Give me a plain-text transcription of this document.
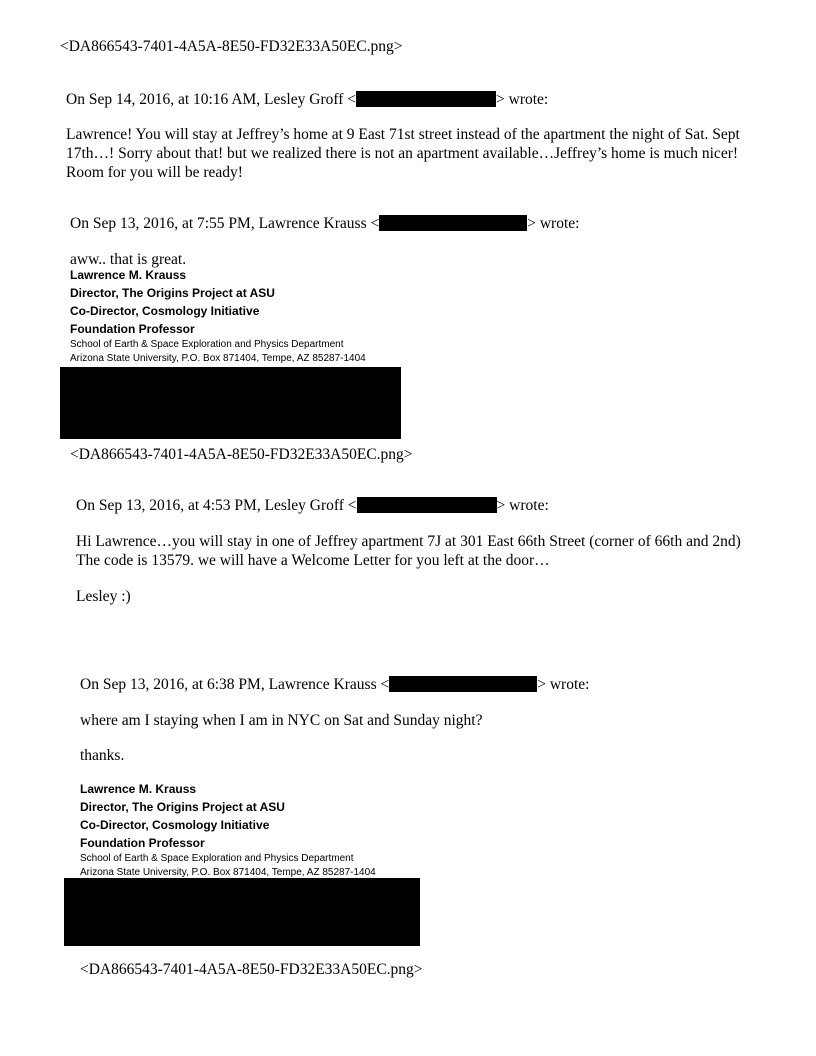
<DA866543-7401-4A5A-8E50-FD32E33A50EC.png>
On Sep 14, 2016, at 10:16 AM, Lesley Groff <	> wrote:
Lawrence! You will stay at Jeffrey’s home at 9 East 71st street instead of the apartment the night of Sat. Sept 17th…! Sorry about that! but we realized there is not an apartment available…Jeffrey’s home is much nicer! Room for you will be ready!
On Sep 13, 2016, at 7:55 PM, Lawrence Krauss <	> wrote:
aww.. that is great.
Lawrence M. Krauss
Director, The Origins Project at ASU
Co-Director, Cosmology Initiative
Foundation Professor
School of Earth & Space Exploration and Physics Department
Arizona State University, P.O. Box 871404, Tempe, AZ 85287-1404
<DA866543-7401-4A5A-8E50-FD32E33A50EC.png>
On Sep 13, 2016, at 4:53 PM, Lesley Groff <	> wrote:
Hi Lawrence…you will stay in one of Jeffrey apartment 7J at 301 East 66th Street (corner of 66th and 2nd) The code is 13579. we will have a Welcome Letter for you left at the door…
Lesley :)
On Sep 13, 2016, at 6:38 PM, Lawrence Krauss <	> wrote:
where am I staying when I am in NYC on Sat and Sunday night?
thanks.
Lawrence M. Krauss
Director, The Origins Project at ASU
Co-Director, Cosmology Initiative
Foundation Professor
School of Earth & Space Exploration and Physics Department
Arizona State University, P.O. Box 871404, Tempe, AZ 85287-1404
<DA866543-7401-4A5A-8E50-FD32E33A50EC.png>
